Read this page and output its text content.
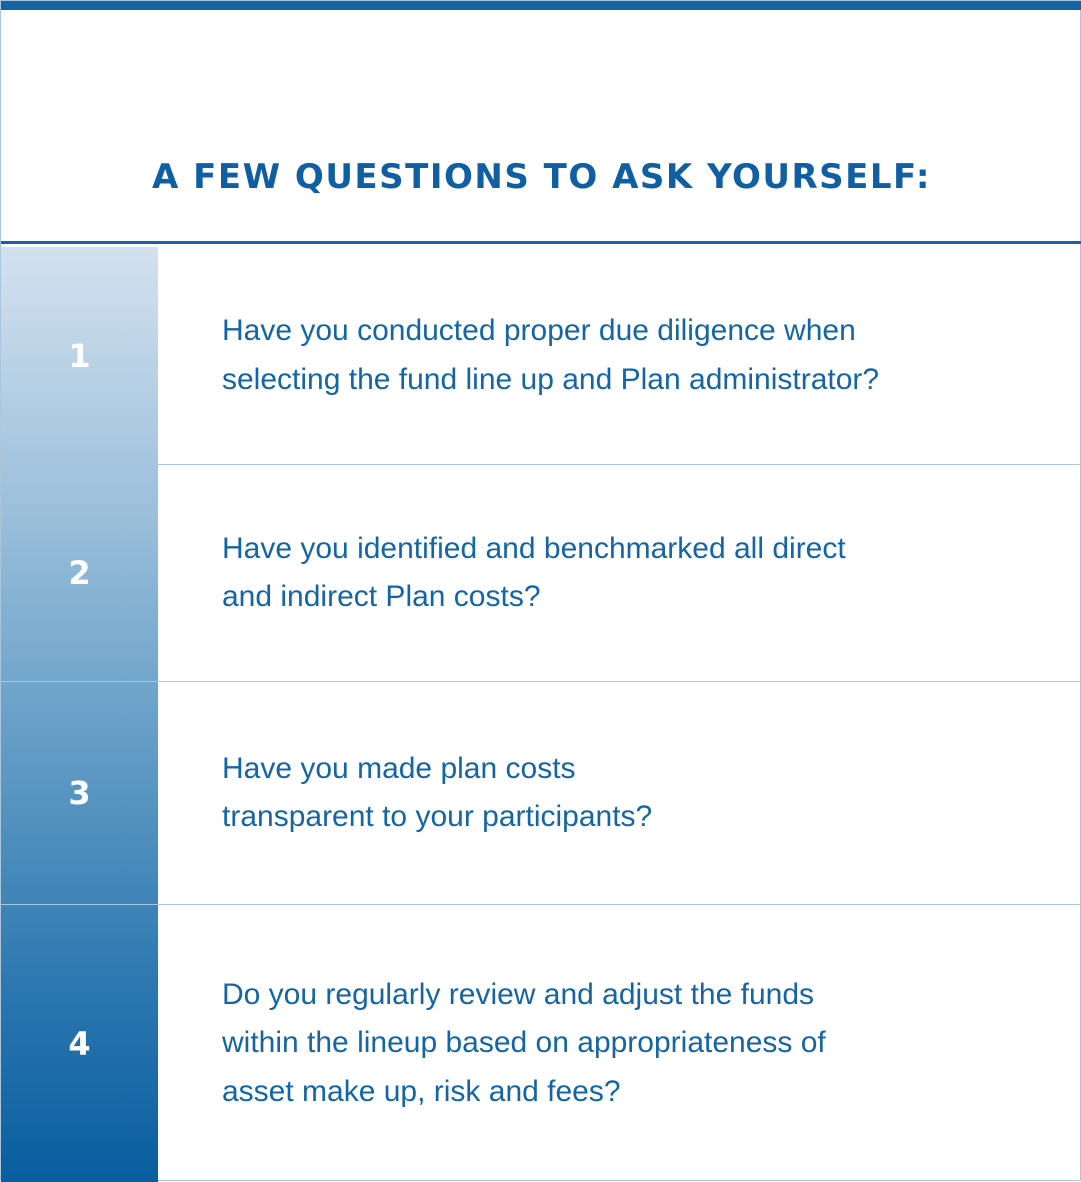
A FEW QUESTIONS TO ASK YOURSELF:
1
Have you conducted proper due diligence when
selecting the fund line up and Plan administrator?
2
Have you identified and benchmarked all direct
and indirect Plan costs?
3
Have you made plan costs
transparent to your participants?
4
Do you regularly review and adjust the funds
within the lineup based on appropriateness of
asset make up, risk and fees?
